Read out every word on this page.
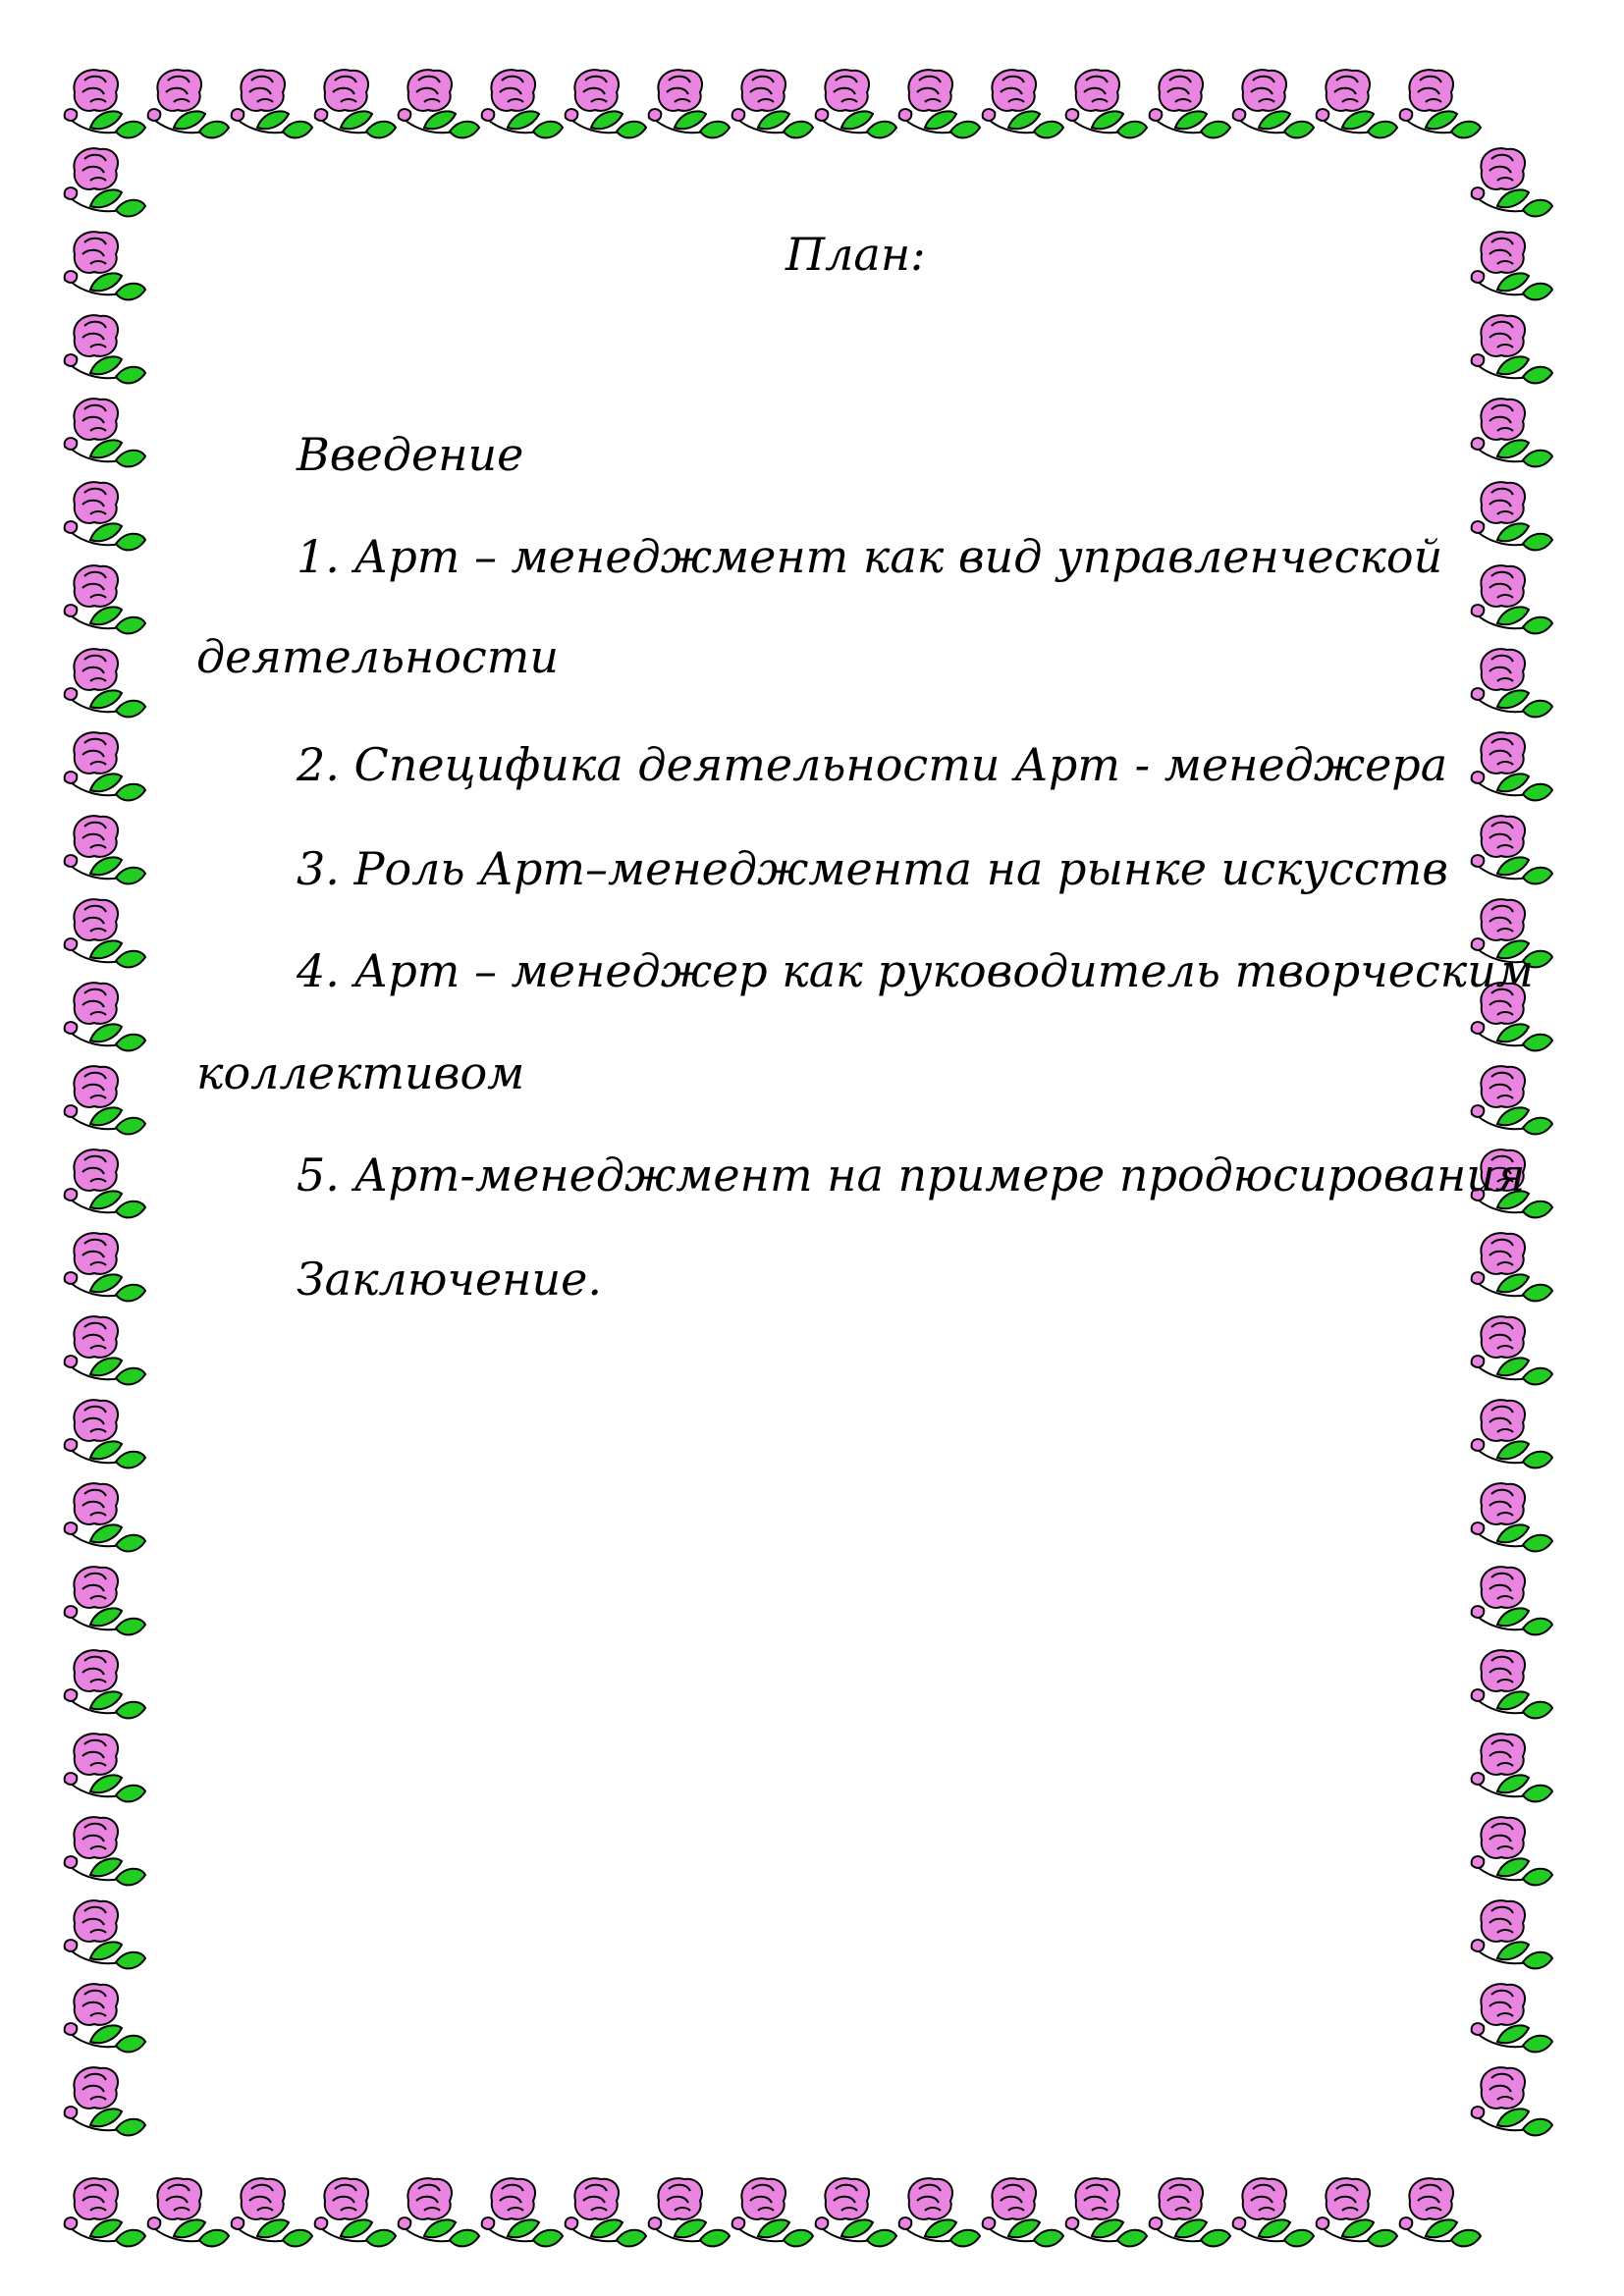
План:
Введение
1. Арт – менеджмент как вид управленческой
деятельности
2. Специфика деятельности Арт - менеджера
3. Роль Арт–менеджмента на рынке искусств
4. Арт – менеджер как руководитель творческим
коллективом
5. Арт-менеджмент на примере продюсирования
Заключение.
